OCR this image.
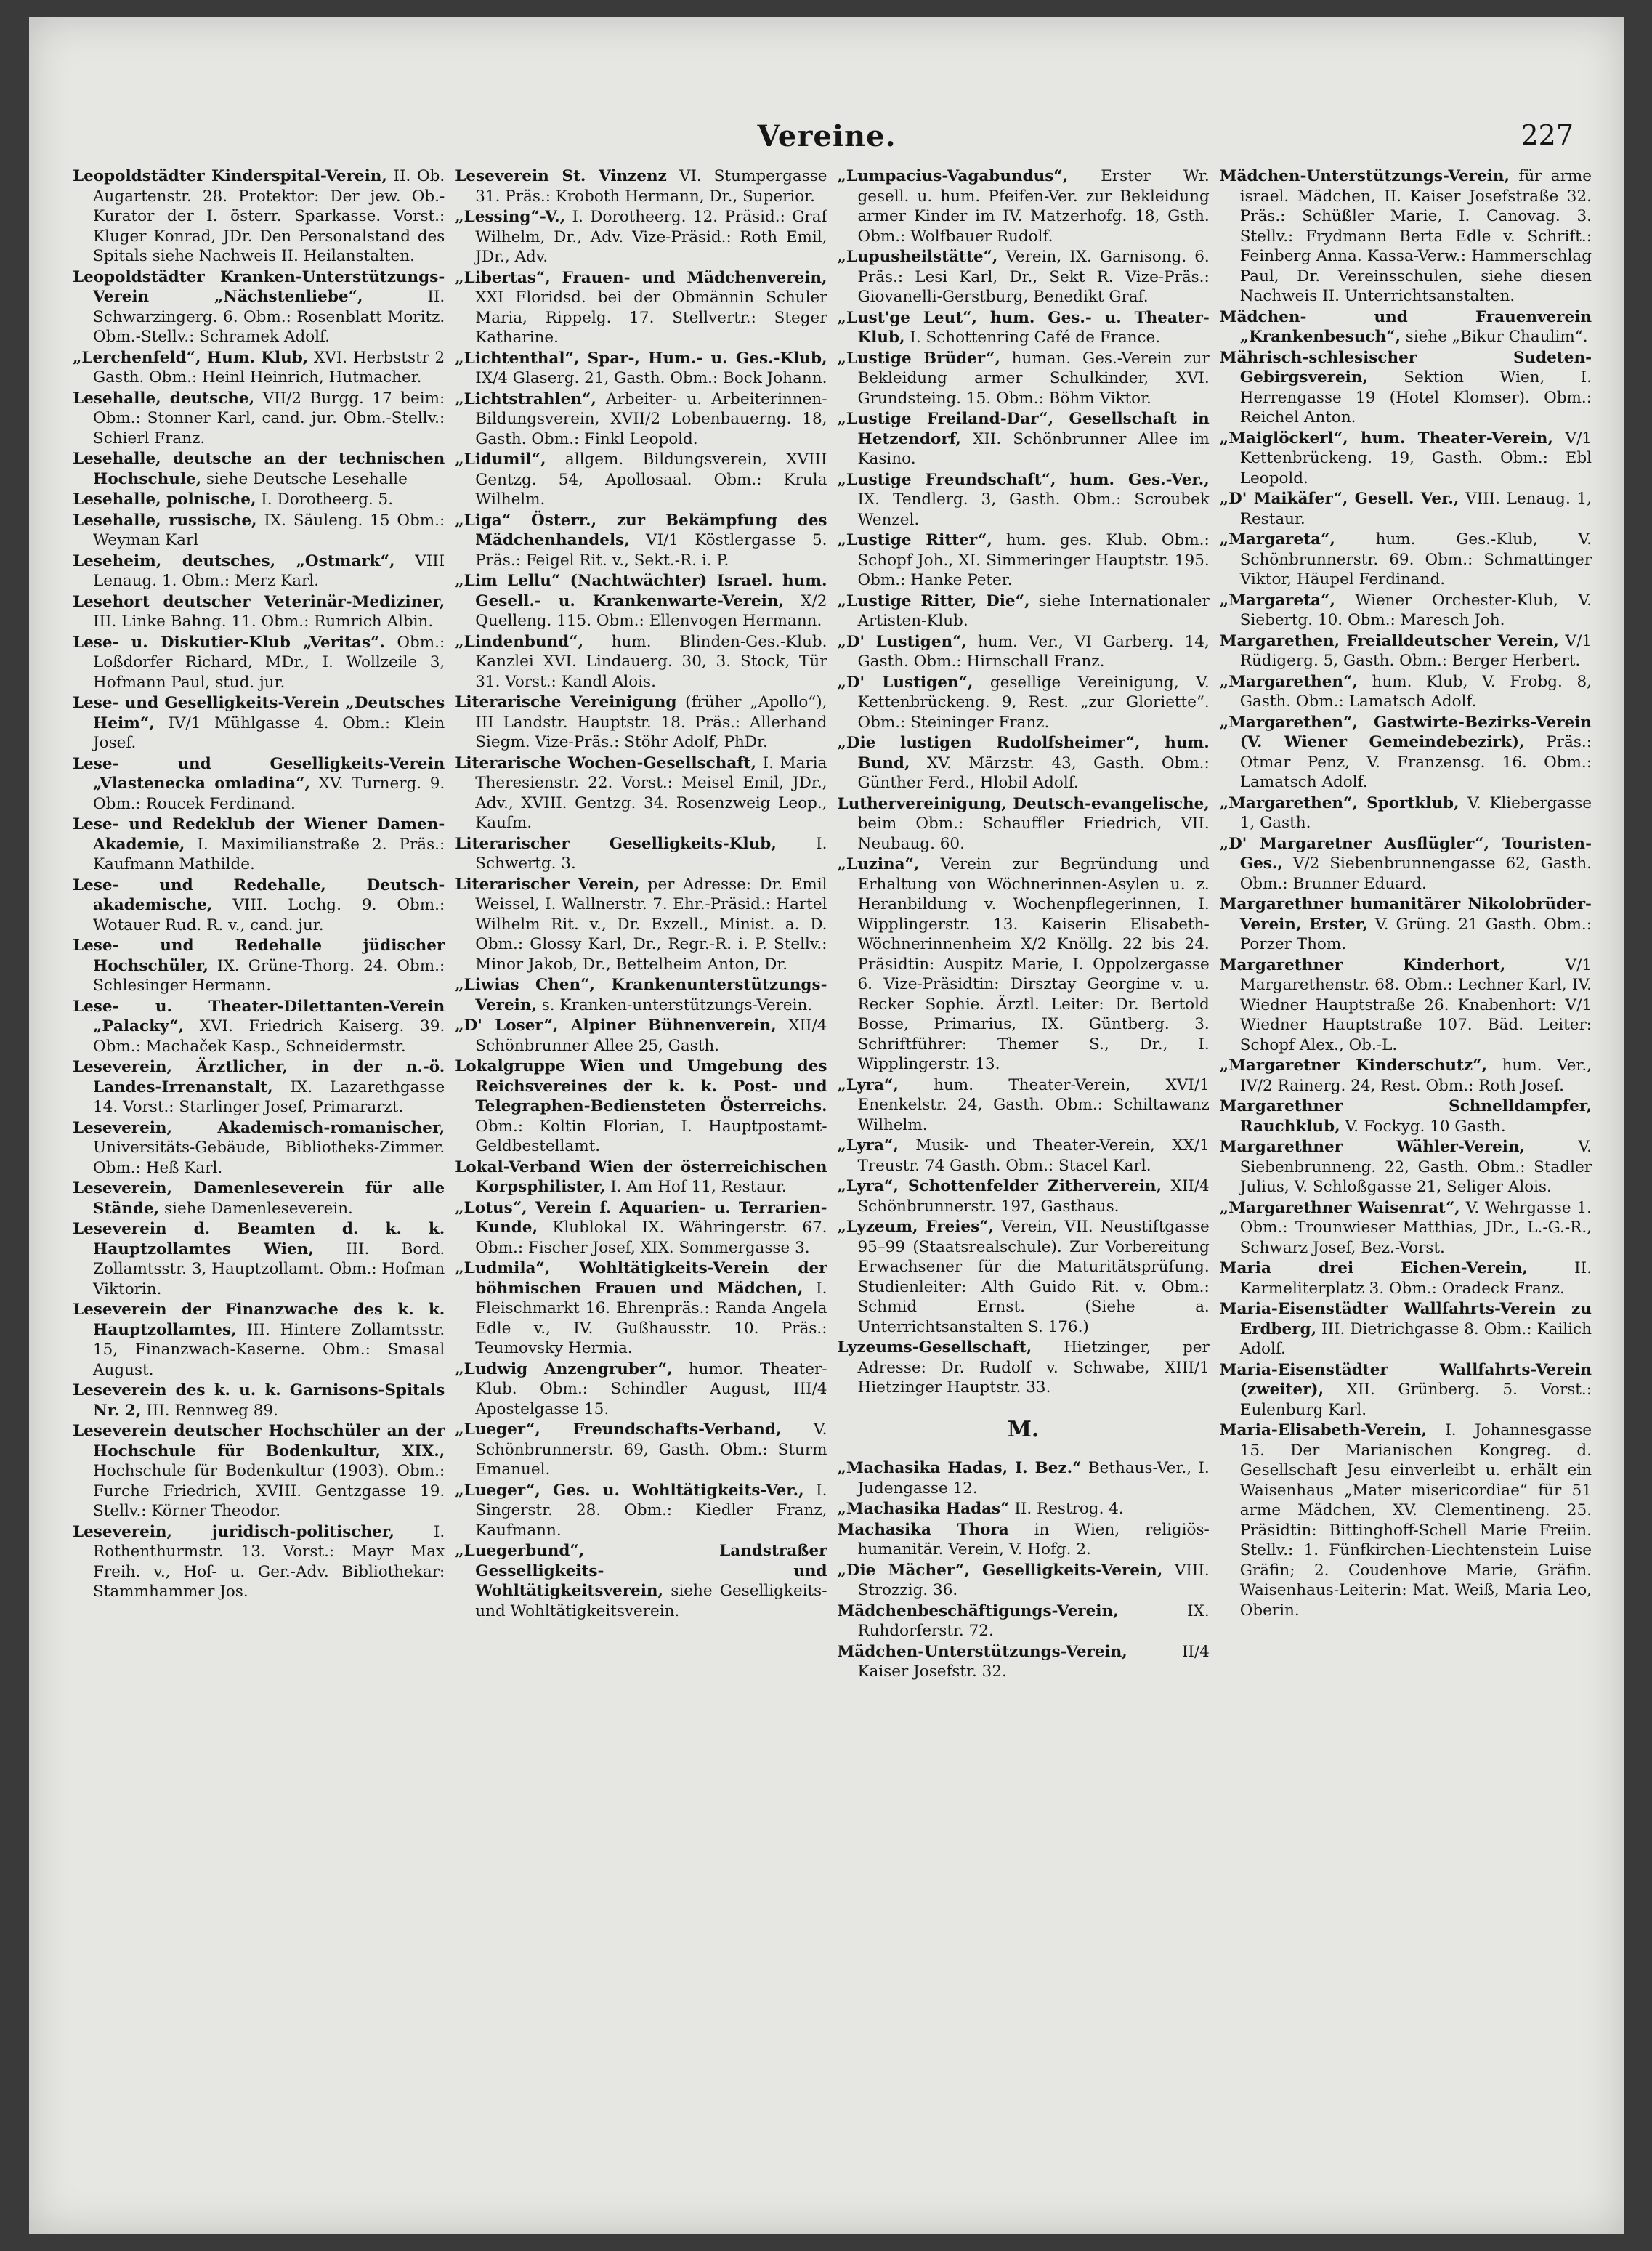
Vereine.	227
Leopoldstädter Kinderspital-Verein, II. Ob. Augartenstr. 28. Protektor: Der jew. Ob.-Kurator der I. österr. Sparkasse. Vorst.: Kluger Konrad, JDr. Den Personalstand des Spitals siehe Nachweis II. Heilanstalten.
Leopoldstädter Kranken-Unterstützungs-Verein „Nächstenliebe“, II. Schwarzingerg. 6. Obm.: Rosenblatt Moritz. Obm.-Stellv.: Schramek Adolf.
„Lerchenfeld“, Hum. Klub, XVI. Herbststr 2 Gasth. Obm.: Heinl Heinrich, Hutmacher.
Lesehalle, deutsche, VII/2 Burgg. 17 beim: Obm.: Stonner Karl, cand. jur. Obm.-Stellv.: Schierl Franz.
Lesehalle, deutsche an der technischen Hochschule, siehe Deutsche Lesehalle
Lesehalle, polnische, I. Dorotheerg. 5.
Lesehalle, russische, IX. Säuleng. 15 Obm.: Weyman Karl
Leseheim, deutsches, „Ostmark“, VIII Lenaug. 1. Obm.: Merz Karl.
Lesehort deutscher Veterinär-Mediziner, III. Linke Bahng. 11. Obm.: Rumrich Albin.
Lese- u. Diskutier-Klub „Veritas“. Obm.: Loßdorfer Richard, MDr., I. Wollzeile 3, Hofmann Paul, stud. jur.
Lese- und Geselligkeits-Verein „Deutsches Heim“, IV/1 Mühlgasse 4. Obm.: Klein Josef.
Lese- und Geselligkeits-Verein „Vlastenecka omladina“, XV. Turnerg. 9. Obm.: Roucek Ferdinand.
Lese- und Redeklub der Wiener Damen-Akademie, I. Maximilianstraße 2. Präs.: Kaufmann Mathilde.
Lese- und Redehalle, Deutsch-akademische, VIII. Lochg. 9. Obm.: Wotauer Rud. R. v., cand. jur.
Lese- und Redehalle jüdischer Hochschüler, IX. Grüne-Thorg. 24. Obm.: Schlesinger Hermann.
Lese- u. Theater-Dilettanten-Verein „Palacky“, XVI. Friedrich Kaiserg. 39. Obm.: Machaček Kasp., Schneidermstr.
Leseverein, Ärztlicher, in der n.-ö. Landes-Irrenanstalt, IX. Lazarethgasse 14. Vorst.: Starlinger Josef, Primararzt.
Leseverein, Akademisch-romanischer, Universitäts-Gebäude, Bibliotheks-Zimmer. Obm.: Heß Karl.
Leseverein, Damenleseverein für alle Stände, siehe Damenleseverein.
Leseverein d. Beamten d. k. k. Hauptzollamtes Wien, III. Bord. Zollamtsstr. 3, Hauptzollamt. Obm.: Hofman Viktorin.
Leseverein der Finanzwache des k. k. Hauptzollamtes, III. Hintere Zollamtsstr. 15, Finanzwach-Kaserne. Obm.: Smasal August.
Leseverein des k. u. k. Garnisons-Spitals Nr. 2, III. Rennweg 89.
Leseverein deutscher Hochschüler an der Hochschule für Bodenkultur, XIX., Hochschule für Bodenkultur (1903). Obm.: Furche Friedrich, XVIII. Gentzgasse 19. Stellv.: Körner Theodor.
Leseverein, juridisch-politischer, I. Rothenthurmstr. 13. Vorst.: Mayr Max Freih. v., Hof- u. Ger.-Adv. Bibliothekar: Stammhammer Jos.
Leseverein St. Vinzenz VI. Stumpergasse 31. Präs.: Kroboth Hermann, Dr., Superior.
„Lessing“-V., I. Dorotheerg. 12. Präsid.: Graf Wilhelm, Dr., Adv. Vize-Präsid.: Roth Emil, JDr., Adv.
„Libertas“, Frauen- und Mädchenverein, XXI Floridsd. bei der Obmännin Schuler Maria, Rippelg. 17. Stellvertr.: Steger Katharine.
„Lichtenthal“, Spar-, Hum.- u. Ges.-Klub, IX/4 Glaserg. 21, Gasth. Obm.: Bock Johann.
„Lichtstrahlen“, Arbeiter- u. Arbeiterinnen-Bildungsverein, XVII/2 Lobenbauerng. 18, Gasth. Obm.: Finkl Leopold.
„Lidumil“, allgem. Bildungsverein, XVIII Gentzg. 54, Apollosaal. Obm.: Krula Wilhelm.
„Liga“ Österr., zur Bekämpfung des Mädchenhandels, VI/1 Köstlergasse 5. Präs.: Feigel Rit. v., Sekt.-R. i. P.
„Lim Lellu“ (Nachtwächter) Israel. hum. Gesell.- u. Krankenwarte-Verein, X/2 Quelleng. 115. Obm.: Ellenvogen Hermann.
„Lindenbund“, hum. Blinden-Ges.-Klub. Kanzlei XVI. Lindauerg. 30, 3. Stock, Tür 31. Vorst.: Kandl Alois.
Literarische Vereinigung (früher „Apollo“), III Landstr. Hauptstr. 18. Präs.: Allerhand Siegm. Vize-Präs.: Stöhr Adolf, PhDr.
Literarische Wochen-Gesellschaft, I. Maria Theresienstr. 22. Vorst.: Meisel Emil, JDr., Adv., XVIII. Gentzg. 34. Rosenzweig Leop., Kaufm.
Literarischer Geselligkeits-Klub, I. Schwertg. 3.
Literarischer Verein, per Adresse: Dr. Emil Weissel, I. Wallnerstr. 7. Ehr.-Präsid.: Hartel Wilhelm Rit. v., Dr. Exzell., Minist. a. D. Obm.: Glossy Karl, Dr., Regr.-R. i. P. Stellv.: Minor Jakob, Dr., Bettelheim Anton, Dr.
„Liwias Chen“, Krankenunterstützungs-Verein, s. Kranken-unterstützungs-Verein.
„D' Loser“, Alpiner Bühnenverein, XII/4 Schönbrunner Allee 25, Gasth.
Lokalgruppe Wien und Umgebung des Reichsvereines der k. k. Post- und Telegraphen-Bediensteten Österreichs. Obm.: Koltin Florian, I. Hauptpostamt-Geldbestellamt.
Lokal-Verband Wien der österreichischen Korpsphilister, I. Am Hof 11, Restaur.
„Lotus“, Verein f. Aquarien- u. Terrarien-Kunde, Klublokal IX. Währingerstr. 67. Obm.: Fischer Josef, XIX. Sommergasse 3.
„Ludmila“, Wohltätigkeits-Verein der böhmischen Frauen und Mädchen, I. Fleischmarkt 16. Ehrenpräs.: Randa Angela Edle v., IV. Gußhausstr. 10. Präs.: Teumovsky Hermia.
„Ludwig Anzengruber“, humor. Theater-Klub. Obm.: Schindler August, III/4 Apostelgasse 15.
„Lueger“, Freundschafts-Verband, V. Schönbrunnerstr. 69, Gasth. Obm.: Sturm Emanuel.
„Lueger“, Ges. u. Wohltätigkeits-Ver., I. Singerstr. 28. Obm.: Kiedler Franz, Kaufmann.
„Luegerbund“, Landstraßer Gesselligkeits- und Wohltätigkeitsverein, siehe Geselligkeits- und Wohltätigkeitsverein.
„Lumpacius-Vagabundus“, Erster Wr. gesell. u. hum. Pfeifen-Ver. zur Bekleidung armer Kinder im IV. Matzerhofg. 18, Gsth. Obm.: Wolfbauer Rudolf.
„Lupusheilstätte“, Verein, IX. Garnisong. 6. Präs.: Lesi Karl, Dr., Sekt R. Vize-Präs.: Giovanelli-Gerstburg, Benedikt Graf.
„Lust'ge Leut“, hum. Ges.- u. Theater-Klub, I. Schottenring Café de France.
„Lustige Brüder“, human. Ges.-Verein zur Bekleidung armer Schulkinder, XVI. Grundsteing. 15. Obm.: Böhm Viktor.
„Lustige Freiland-Dar“, Gesellschaft in Hetzendorf, XII. Schönbrunner Allee im Kasino.
„Lustige Freundschaft“, hum. Ges.-Ver., IX. Tendlerg. 3, Gasth. Obm.: Scroubek Wenzel.
„Lustige Ritter“, hum. ges. Klub. Obm.: Schopf Joh., XI. Simmeringer Hauptstr. 195. Obm.: Hanke Peter.
„Lustige Ritter, Die“, siehe Internationaler Artisten-Klub.
„D' Lustigen“, hum. Ver., VI Garberg. 14, Gasth. Obm.: Hirnschall Franz.
„D' Lustigen“, gesellige Vereinigung, V. Kettenbrückeng. 9, Rest. „zur Gloriette“. Obm.: Steininger Franz.
„Die lustigen Rudolfsheimer“, hum. Bund, XV. Märzstr. 43, Gasth. Obm.: Günther Ferd., Hlobil Adolf.
Luthervereinigung, Deutsch-evangelische, beim Obm.: Schauffler Friedrich, VII. Neubaug. 60.
„Luzina“, Verein zur Begründung und Erhaltung von Wöchnerinnen-Asylen u. z. Heranbildung v. Wochenpflegerinnen, I. Wipplingerstr. 13. Kaiserin Elisabeth-Wöchnerinnenheim X/2 Knöllg. 22 bis 24. Präsidtin: Auspitz Marie, I. Oppolzergasse 6. Vize-Präsidtin: Dirsztay Georgine v. u. Recker Sophie. Ärztl. Leiter: Dr. Bertold Bosse, Primarius, IX. Güntberg. 3. Schriftführer: Themer S., Dr., I. Wipplingerstr. 13.
„Lyra“, hum. Theater-Verein, XVI/1 Enenkelstr. 24, Gasth. Obm.: Schiltawanz Wilhelm.
„Lyra“, Musik- und Theater-Verein, XX/1 Treustr. 74 Gasth. Obm.: Stacel Karl.
„Lyra“, Schottenfelder Zitherverein, XII/4 Schönbrunnerstr. 197, Gasthaus.
„Lyzeum, Freies“, Verein, VII. Neustiftgasse 95–99 (Staatsrealschule). Zur Vorbereitung Erwachsener für die Maturitätsprüfung. Studienleiter: Alth Guido Rit. v. Obm.: Schmid Ernst. (Siehe a. Unterrichtsanstalten S. 176.)
Lyzeums-Gesellschaft, Hietzinger, per Adresse: Dr. Rudolf v. Schwabe, XIII/1 Hietzinger Hauptstr. 33.
M.
„Machasika Hadas, I. Bez.“ Bethaus-Ver., I. Judengasse 12.
„Machasika Hadas“ II. Restrog. 4.
Machasika Thora in Wien, religiös-humanitär. Verein, V. Hofg. 2.
„Die Mächer“, Geselligkeits-Verein, VIII. Strozzig. 36.
Mädchenbeschäftigungs-Verein, IX. Ruhdorferstr. 72.
Mädchen-Unterstützungs-Verein, II/4 Kaiser Josefstr. 32.
Mädchen-Unterstützungs-Verein, für arme israel. Mädchen, II. Kaiser Josefstraße 32. Präs.: Schüßler Marie, I. Canovag. 3. Stellv.: Frydmann Berta Edle v. Schrift.: Feinberg Anna. Kassa-Verw.: Hammerschlag Paul, Dr. Vereinsschulen, siehe diesen Nachweis II. Unterrichtsanstalten.
Mädchen- und Frauenverein „Krankenbesuch“, siehe „Bikur Chaulim“.
Mährisch-schlesischer Sudeten-Gebirgsverein, Sektion Wien, I. Herrengasse 19 (Hotel Klomser). Obm.: Reichel Anton.
„Maiglöckerl“, hum. Theater-Verein, V/1 Kettenbrückeng. 19, Gasth. Obm.: Ebl Leopold.
„D' Maikäfer“, Gesell. Ver., VIII. Lenaug. 1, Restaur.
„Margareta“, hum. Ges.-Klub, V. Schönbrunnerstr. 69. Obm.: Schmattinger Viktor, Häupel Ferdinand.
„Margareta“, Wiener Orchester-Klub, V. Siebertg. 10. Obm.: Maresch Joh.
Margarethen, Freialldeutscher Verein, V/1 Rüdigerg. 5, Gasth. Obm.: Berger Herbert.
„Margarethen“, hum. Klub, V. Frobg. 8, Gasth. Obm.: Lamatsch Adolf.
„Margarethen“, Gastwirte-Bezirks-Verein (V. Wiener Gemeindebezirk), Präs.: Otmar Penz, V. Franzensg. 16. Obm.: Lamatsch Adolf.
„Margarethen“, Sportklub, V. Kliebergasse 1, Gasth.
„D' Margaretner Ausflügler“, Touristen-Ges., V/2 Siebenbrunnengasse 62, Gasth. Obm.: Brunner Eduard.
Margarethner humanitärer Nikolobrüder-Verein, Erster, V. Grüng. 21 Gasth. Obm.: Porzer Thom.
Margarethner Kinderhort, V/1 Margarethenstr. 68. Obm.: Lechner Karl, IV. Wiedner Hauptstraße 26. Knabenhort: V/1 Wiedner Hauptstraße 107. Bäd. Leiter: Schopf Alex., Ob.-L.
„Margaretner Kinderschutz“, hum. Ver., IV/2 Rainerg. 24, Rest. Obm.: Roth Josef.
Margarethner Schnelldampfer, Rauchklub, V. Fockyg. 10 Gasth.
Margarethner Wähler-Verein, V. Siebenbrunneng. 22, Gasth. Obm.: Stadler Julius, V. Schloßgasse 21, Seliger Alois.
„Margarethner Waisenrat“, V. Wehrgasse 1. Obm.: Trounwieser Matthias, JDr., L.-G.-R., Schwarz Josef, Bez.-Vorst.
Maria drei Eichen-Verein, II. Karmeliterplatz 3. Obm.: Oradeck Franz.
Maria-Eisenstädter Wallfahrts-Verein zu Erdberg, III. Dietrichgasse 8. Obm.: Kailich Adolf.
Maria-Eisenstädter Wallfahrts-Verein (zweiter), XII. Grünberg. 5. Vorst.: Eulenburg Karl.
Maria-Elisabeth-Verein, I. Johannesgasse 15. Der Marianischen Kongreg. d. Gesellschaft Jesu einverleibt u. erhält ein Waisenhaus „Mater misericordiae“ für 51 arme Mädchen, XV. Clementineng. 25. Präsidtin: Bittinghoff-Schell Marie Freiin. Stellv.: 1. Fünfkirchen-Liechtenstein Luise Gräfin; 2. Coudenhove Marie, Gräfin. Waisenhaus-Leiterin: Mat. Weiß, Maria Leo, Oberin.
